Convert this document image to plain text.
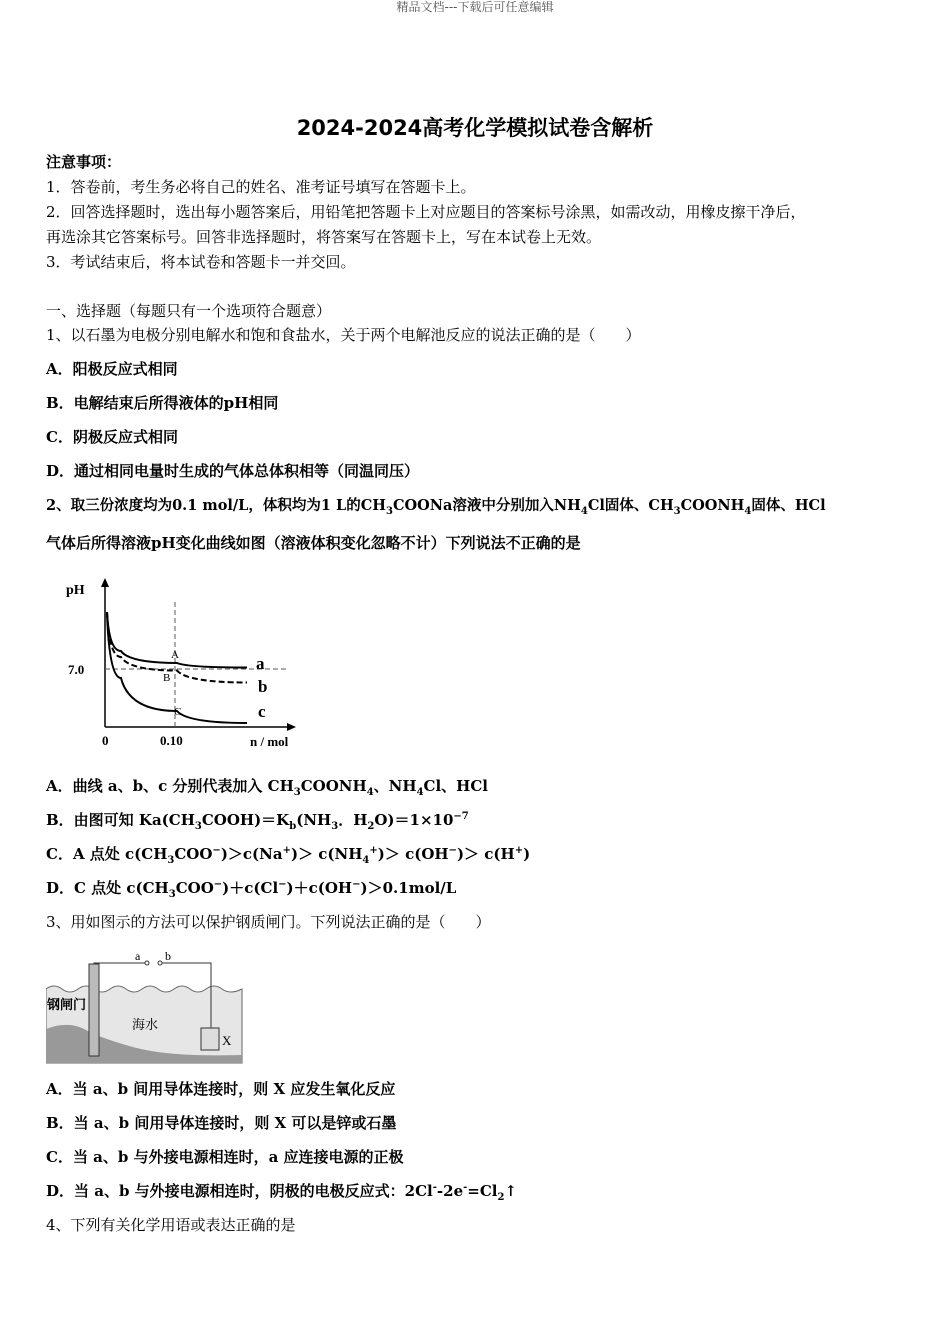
精品文档---下载后可任意编辑
2024-2024高考化学模拟试卷含解析
注意事项：
1．答卷前，考生务必将自己的姓名、准考证号填写在答题卡上。
2．回答选择题时，选出每小题答案后，用铅笔把答题卡上对应题目的答案标号涂黑，如需改动，用橡皮擦干净后，
再选涂其它答案标号。回答非选择题时，将答案写在答题卡上，写在本试卷上无效。
3．考试结束后，将本试卷和答题卡一并交回。
一、选择题（每题只有一个选项符合题意）
1、以石墨为电极分别电解水和饱和食盐水，关于两个电解池反应的说法正确的是（　　）
A．阳极反应式相同
B．电解结束后所得液体的pH相同
C．阴极反应式相同
D．通过相同电量时生成的气体总体积相等（同温同压）
2、取三份浓度均为0.1 mol/L，体积均为1 L的$CH_3COONa$溶液中分别加入$NH_4Cl$固体、$CH_3COONH_4$固体、HCl
气体后所得溶液pH变化曲线如图（溶液体积变化忽略不计）下列说法不正确的是
pH
7.0
0	0.10	n / mol
a
b
c
A
B
C
A．曲线 a、b、c 分别代表加入 $CH_3COONH_4$、$NH_4Cl$、HCl
B．由图可知 $Ka(CH_3COOH)=K_b(NH_3$．$H_2O)=1\times 10^{-7}$
C．A 点处 $c(CH_3COO^-)>c(Na^+)> c(NH_4^+)> c(OH^-)> c(H^+)$
D．C 点处 $c(CH_3COO^-)+c(Cl^-)+c(OH^-)>0.1mol/L$
3、用如图示的方法可以保护钢质闸门。下列说法正确的是（　　）
a b
钢闸门
海水
X
A．当 a、b 间用导体连接时，则 X 应发生氧化反应
B．当 a、b 间用导体连接时，则 X 可以是锌或石墨
C．当 a、b 与外接电源相连时，a 应连接电源的正极
D．当 a、b 与外接电源相连时，阴极的电极反应式：$2Cl^--2e^-=Cl_2↑$
4、下列有关化学用语或表达正确的是
